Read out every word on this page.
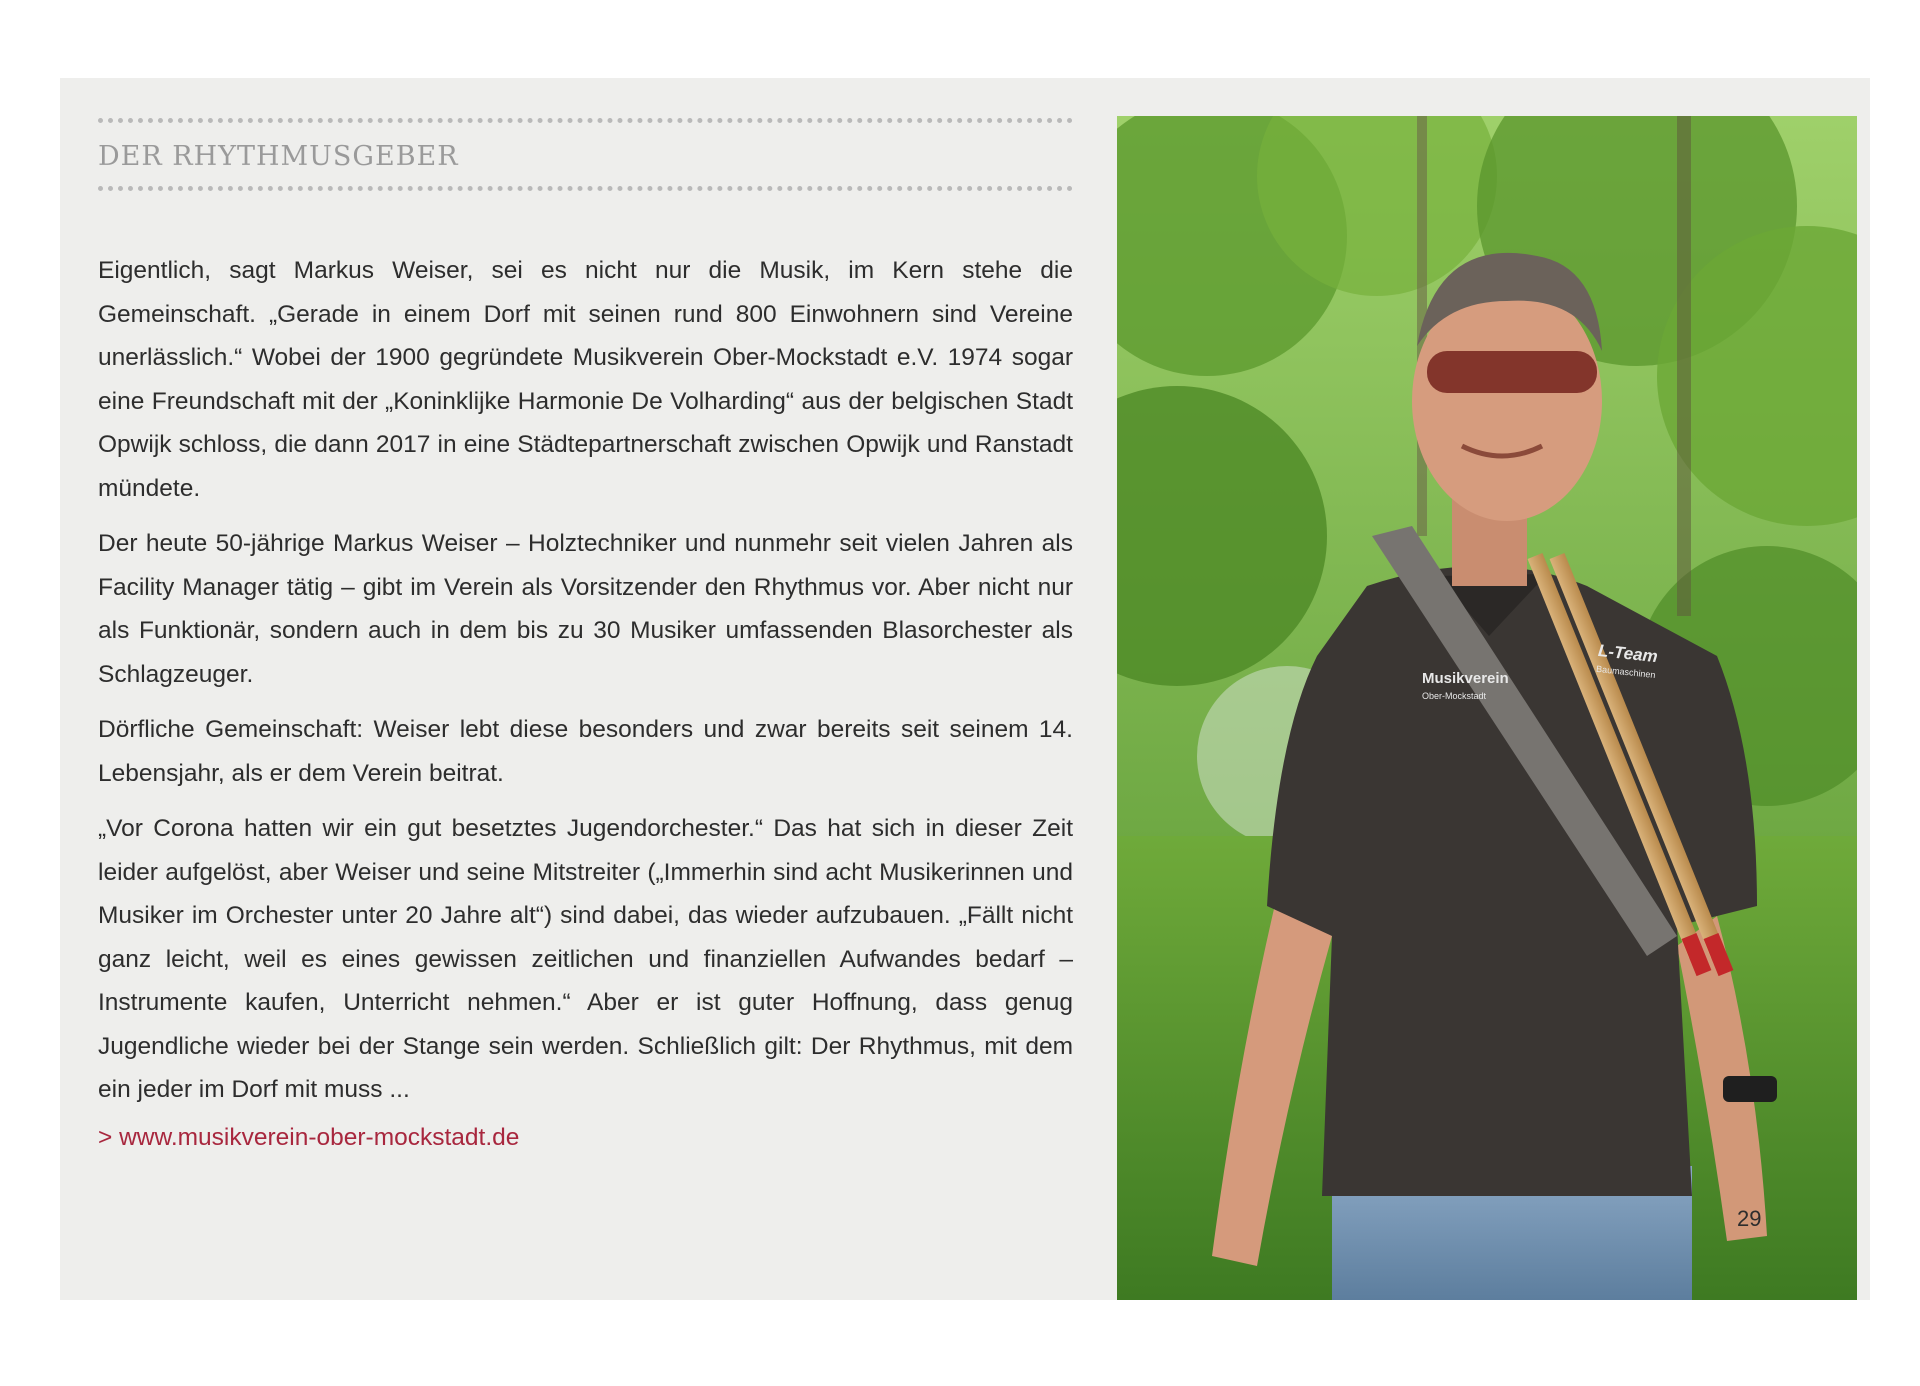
DER RHYTHMUSGEBER

Eigentlich, sagt Markus Weiser, sei es nicht nur die Musik, im Kern stehe die Gemeinschaft. „Gerade in einem Dorf mit seinen rund 800 Einwohnern sind Vereine unerlässlich.“ Wobei der 1900 gegründete Musikverein Ober-Mockstadt e.V. 1974 sogar eine Freundschaft mit der „Koninklijke Harmonie De Volharding“ aus der belgischen Stadt Opwijk schloss, die dann 2017 in eine Städtepartnerschaft zwischen Opwijk und Ranstadt mündete.

Der heute 50-jährige Markus Weiser – Holztechniker und nunmehr seit vielen Jahren als Facility Manager tätig – gibt im Verein als Vorsitzender den Rhythmus vor. Aber nicht nur als Funktionär, sondern auch in dem bis zu 30 Musiker umfassenden Blasorchester als Schlagzeuger.

Dörfliche Gemeinschaft: Weiser lebt diese besonders und zwar bereits seit seinem 14. Lebensjahr, als er dem Verein beitrat.

„Vor Corona hatten wir ein gut besetztes Jugendorchester.“ Das hat sich in dieser Zeit leider aufgelöst, aber Weiser und seine Mitstreiter („Immerhin sind acht Musikerinnen und Musiker im Orchester unter 20 Jahre alt“) sind dabei, das wieder aufzubauen. „Fällt nicht ganz leicht, weil es eines gewissen zeitlichen und finanziellen Aufwandes bedarf – Instrumente kaufen, Unterricht nehmen.“ Aber er ist guter Hoffnung, dass genug Jugendliche wieder bei der Stange sein werden. Schließlich gilt: Der Rhythmus, mit dem ein jeder im Dorf mit muss ...

> www.musikverein-ober-mockstadt.de
Musikverein
Ober-Mockstadt
L-Team
Baumaschinen
29
